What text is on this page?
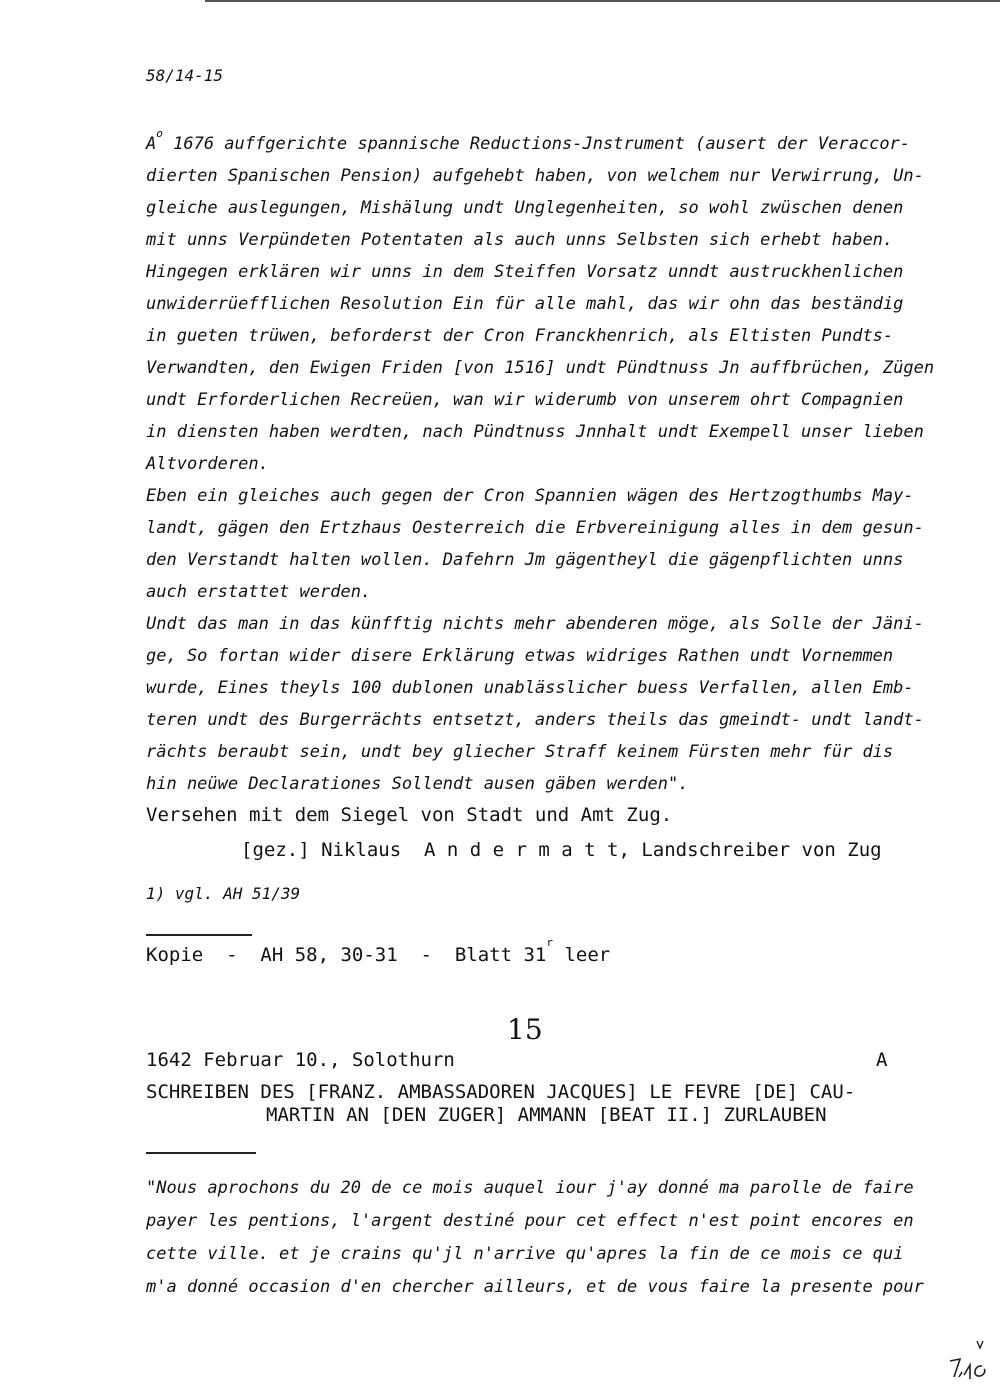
58/14-15
$A^o$ 1676 auffgerichte spannische Reductions-Jnstrument (ausert der Veraccor-
dierten Spanischen Pension) aufgehebt haben, von welchem nur Verwirrung, Un-
gleiche auslegungen, Mishälung undt Unglegenheiten, so wohl zwüschen denen
mit unns Verpündeten Potentaten als auch unns Selbsten sich erhebt haben.
Hingegen erklären wir unns in dem Steiffen Vorsatz unndt austruckhenlichen
unwiderrüefflichen Resolution Ein für alle mahl, das wir ohn das beständig
in gueten trüwen, beforderst der Cron Franckhenrich, als Eltisten Pundts-
Verwandten, den Ewigen Friden [von 1516] undt Pündtnuss Jn auffbrüchen, Zügen
undt Erforderlichen Recreüen, wan wir widerumb von unserem ohrt Compagnien
in diensten haben werdten, nach Pündtnuss Jnnhalt undt Exempell unser lieben
Altvorderen.
Eben ein gleiches auch gegen der Cron Spannien wägen des Hertzogthumbs May-
landt, gägen den Ertzhaus Oesterreich die Erbvereinigung alles in dem gesun-
den Verstandt halten wollen. Dafehrn Jm gägentheyl die gägenpflichten unns
auch erstattet werden.
Undt das man in das künfftig nichts mehr abenderen möge, als Solle der Jäni-
ge, So fortan wider disere Erklärung etwas widriges Rathen undt Vornemmen
wurde, Eines theyls 100 dublonen unablässlicher buess Verfallen, allen Emb-
teren undt des Burgerrächts entsetzt, anders theils das gmeindt- undt landt-
rächts beraubt sein, undt bey gliecher Straff keinem Fürsten mehr für dis
hin neüwe Declarationes Sollendt ausen gäben werden".
Versehen mit dem Siegel von Stadt und Amt Zug.
[gez.] Niklaus  A n d e r m a t t, Landschreiber von Zug
1) vgl. AH 51/39
Kopie  -  AH 58, 30-31  -  Blatt 31$^r$ leer
15
1642 Februar 10., Solothurn	A
SCHREIBEN DES [FRANZ. AMBASSADOREN JACQUES] LE FEVRE [DE] CAU-
MARTIN AN [DEN ZUGER] AMMANN [BEAT II.] ZURLAUBEN
"Nous aprochons du 20 de ce mois auquel iour j'ay donné ma parolle de faire
payer les pentions, l'argent destiné pour cet effect n'est point encores en
cette ville. et je crains qu'jl n'arrive qu'apres la fin de ce mois ce qui
m'a donné occasion d'en chercher ailleurs, et de vous faire la presente pour
